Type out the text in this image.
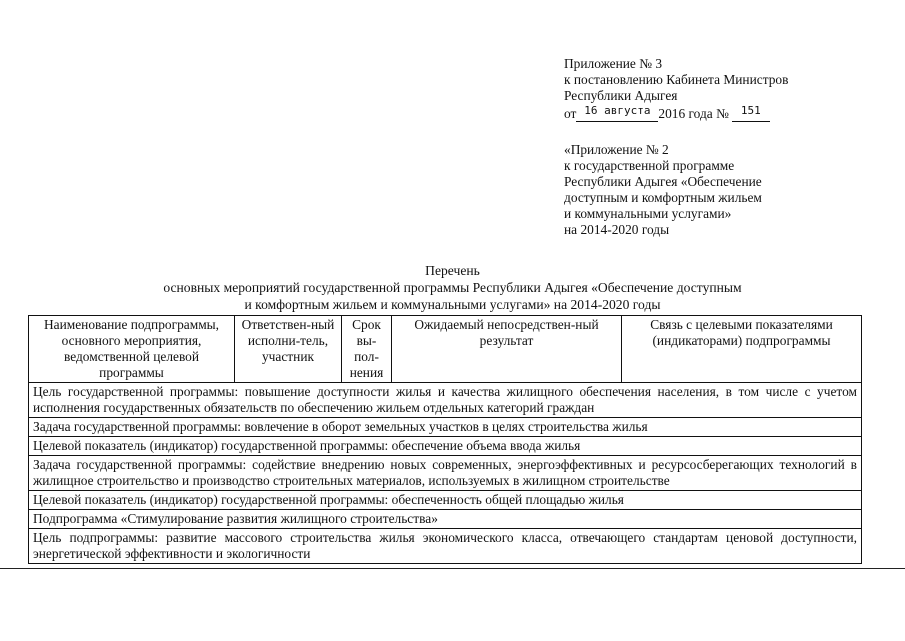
Приложение № 3
к постановлению Кабинета Министров
Республики Адыгея
от $^{16 августа}$ 2016 года № $^{151}$
«Приложение № 2
к государственной программе
Республики Адыгея «Обеспечение
доступным и комфортным жильем
и коммунальными услугами»
на 2014-2020 годы
Перечень
основных мероприятий государственной программы Республики Адыгея «Обеспечение доступным
и комфортным жильем и коммунальными услугами» на 2014-2020 годы
Наименование подпрограммы, основного мероприятия, ведомственной целевой программы	Ответствен-ный исполни-тель, участник	Срок вы-пол-нения	Ожидаемый непосредствен-ный результат	Связь с целевыми показателями (индикаторами) подпрограммы
Цель государственной программы: повышение доступности жилья и качества жилищного обеспечения населения, в том числе с учетом исполнения государственных обязательств по обеспечению жильем отдельных категорий граждан
Задача государственной программы: вовлечение в оборот земельных участков в целях строительства жилья
Целевой показатель (индикатор) государственной программы: обеспечение объема ввода жилья
Задача государственной программы: содействие внедрению новых современных, энергоэффективных и ресурсосберегающих технологий в жилищное строительство и производство строительных материалов, используемых в жилищном строительстве
Целевой показатель (индикатор) государственной программы: обеспеченность общей площадью жилья
Подпрограмма «Стимулирование развития жилищного строительства»
Цель подпрограммы: развитие массового строительства жилья экономического класса, отвечающего стандартам ценовой доступности, энергетической эффективности и экологичности
